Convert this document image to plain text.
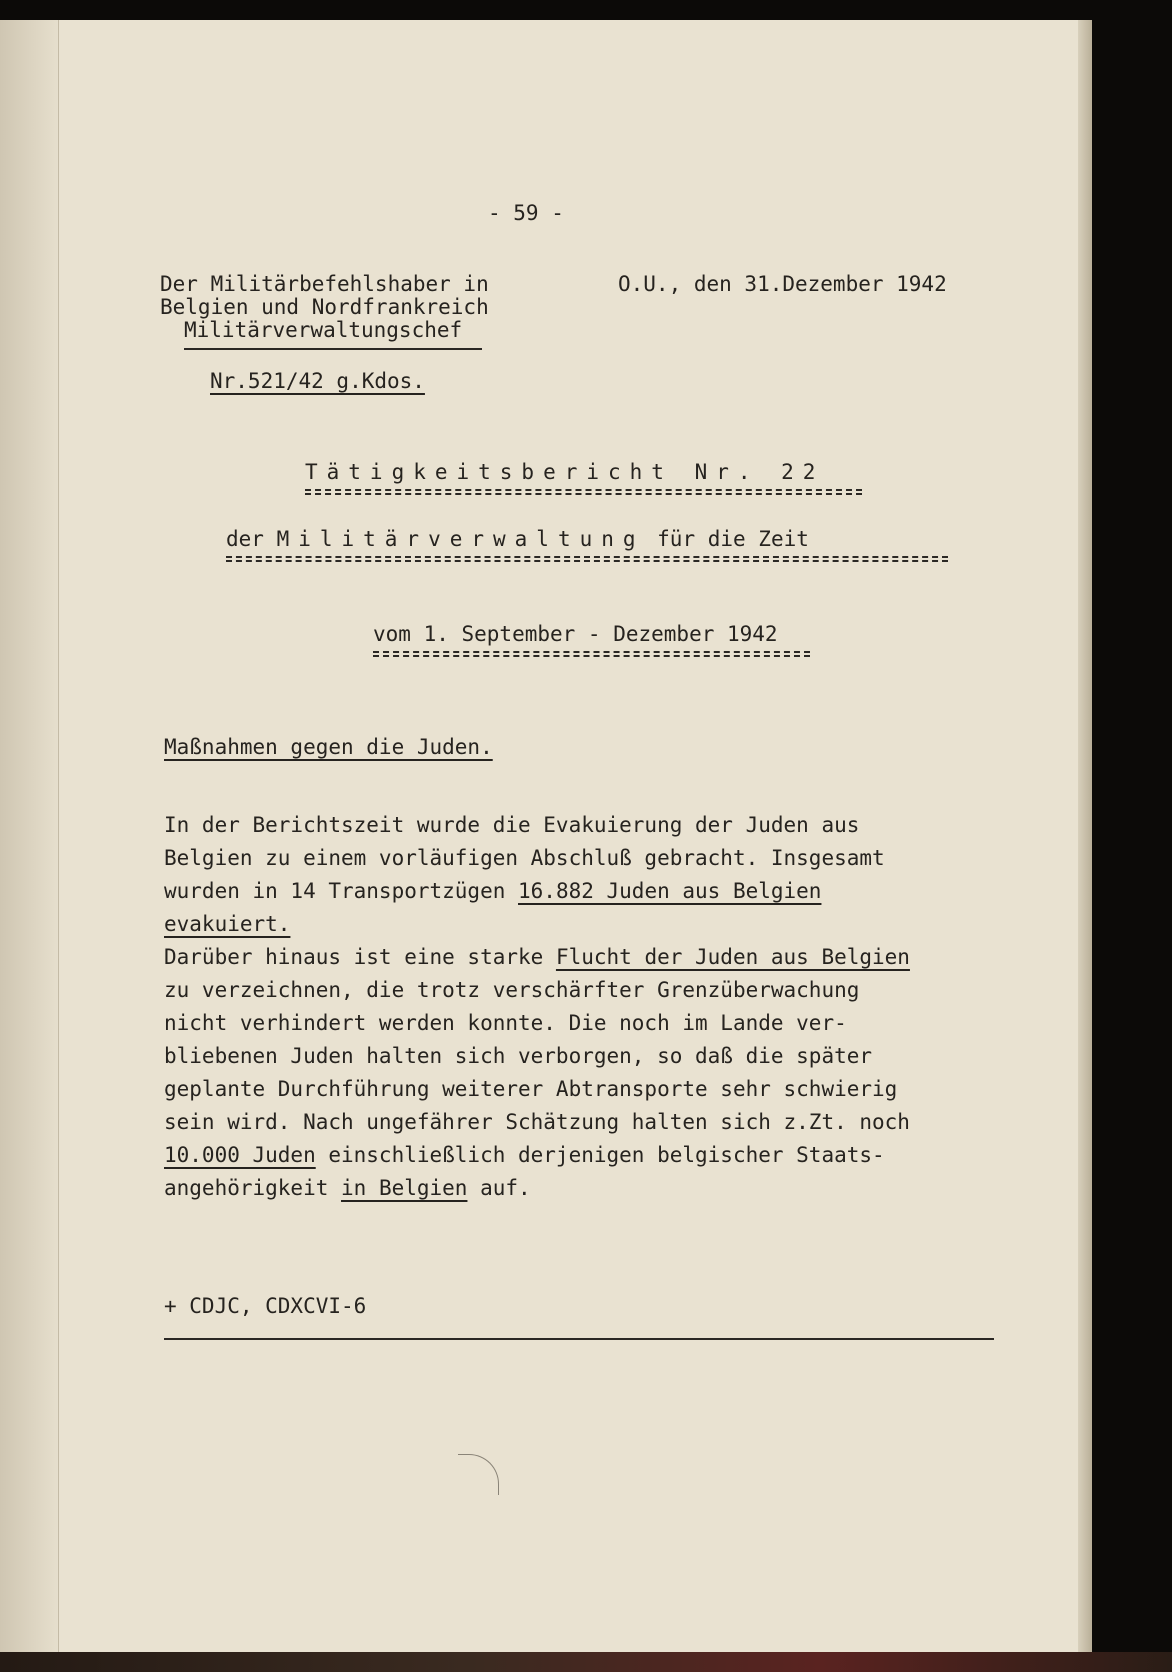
- 59 -

Der Militärbefehlshaber in

Belgien und Nordfrankreich

Militärverwaltungschef

O.U., den 31.Dezember 1942

Nr.521/42 g.Kdos.

Tätigkeitsbericht Nr. 22

der Militärverwaltung für die Zeit

vom 1. September - Dezember 1942

Maßnahmen gegen die Juden.

In der Berichtszeit wurde die Evakuierung der Juden aus

Belgien zu einem vorläufigen Abschluß gebracht. Insgesamt

wurden in 14 Transportzügen 16.882 Juden aus Belgien

evakuiert.

Darüber hinaus ist eine starke Flucht der Juden aus Belgien

zu verzeichnen, die trotz verschärfter Grenzüberwachung

nicht verhindert werden konnte. Die noch im Lande ver-

bliebenen Juden halten sich verborgen, so daß die später

geplante Durchführung weiterer Abtransporte sehr schwierig

sein wird. Nach ungefährer Schätzung halten sich z.Zt. noch

10.000 Juden einschließlich derjenigen belgischer Staats-

angehörigkeit in Belgien auf.

+ CDJC, CDXCVI-6
